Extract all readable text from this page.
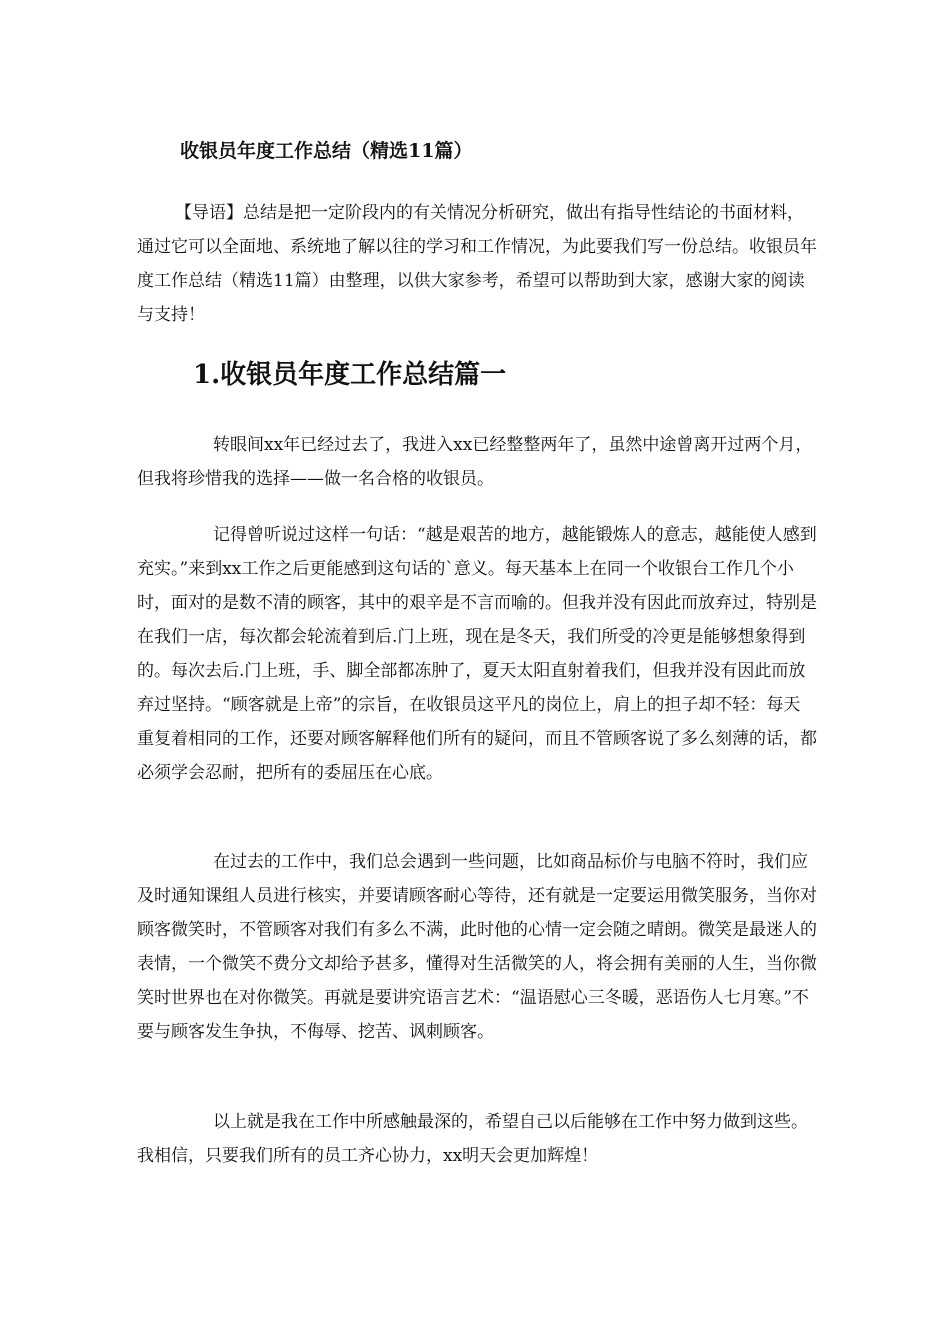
收银员年度工作总结（精选11篇）

【导语】总结是把一定阶段内的有关情况分析研究，做出有指导性结论的书面材料，通过它可以全面地、系统地了解以往的学习和工作情况，为此要我们写一份总结。收银员年度工作总结（精选11篇）由整理，以供大家参考，希望可以帮助到大家，感谢大家的阅读与支持！

1.收银员年度工作总结篇一

转眼间xx年已经过去了，我进入xx已经整整两年了，虽然中途曾离开过两个月，但我将珍惜我的选择——做一名合格的收银员。

记得曾听说过这样一句话：“越是艰苦的地方，越能锻炼人的意志，越能使人感到充实。”来到xx工作之后更能感到这句话的`意义。每天基本上在同一个收银台工作几个小时，面对的是数不清的顾客，其中的艰辛是不言而喻的。但我并没有因此而放弃过，特别是在我们一店，每次都会轮流着到后.门上班，现在是冬天，我们所受的冷更是能够想象得到的。每次去后.门上班，手、脚全部都冻肿了，夏天太阳直射着我们，但我并没有因此而放弃过坚持。“顾客就是上帝”的宗旨，在收银员这平凡的岗位上，肩上的担子却不轻：每天重复着相同的工作，还要对顾客解释他们所有的疑问，而且不管顾客说了多么刻薄的话，都必须学会忍耐，把所有的委屈压在心底。

在过去的工作中，我们总会遇到一些问题，比如商品标价与电脑不符时，我们应及时通知课组人员进行核实，并要请顾客耐心等待，还有就是一定要运用微笑服务，当你对顾客微笑时，不管顾客对我们有多么不满，此时他的心情一定会随之晴朗。微笑是最迷人的表情，一个微笑不费分文却给予甚多，懂得对生活微笑的人，将会拥有美丽的人生，当你微笑时世界也在对你微笑。再就是要讲究语言艺术：“温语慰心三冬暖，恶语伤人七月寒。”不要与顾客发生争执，不侮辱、挖苦、讽刺顾客。

以上就是我在工作中所感触最深的，希望自己以后能够在工作中努力做到这些。我相信，只要我们所有的员工齐心协力，xx明天会更加辉煌！
